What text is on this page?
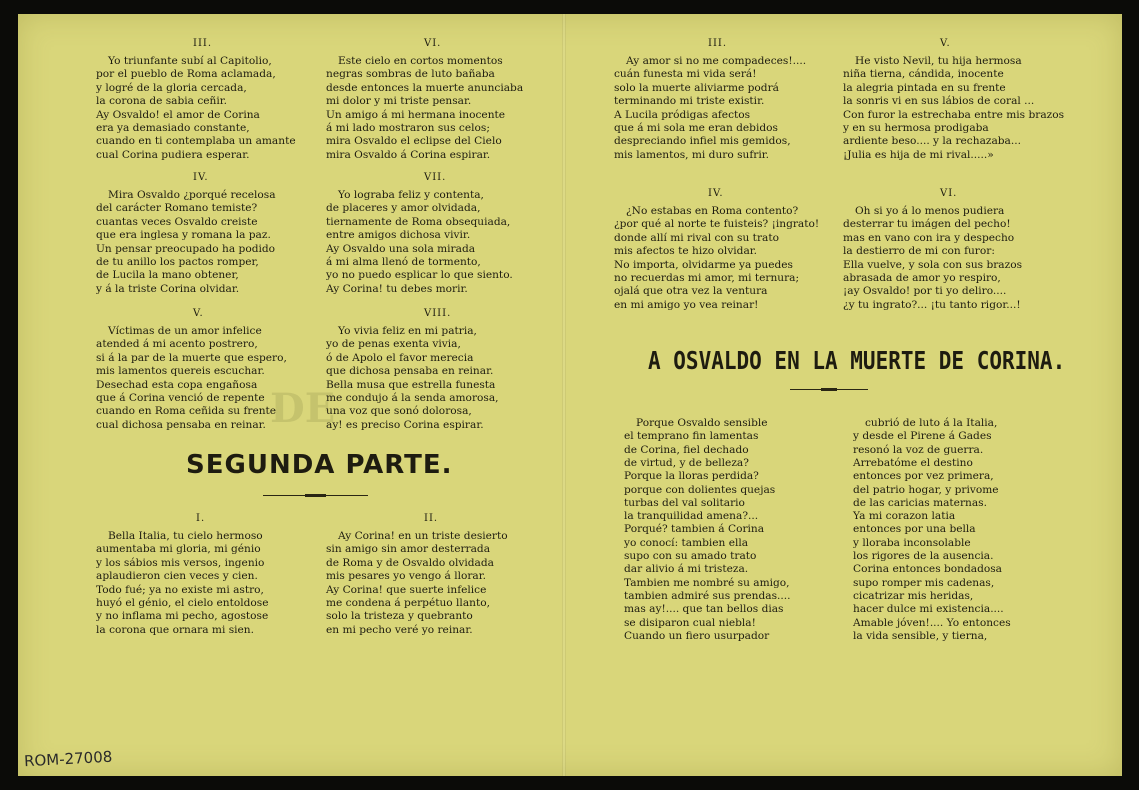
DE
III.
Yo triunfante subí al Capitolio,
por el pueblo de Roma aclamada,
y logré de la gloria cercada,
la corona de sabia ceñir.
Ay Osvaldo! el amor de Corina
era ya demasiado constante,
cuando en ti contemplaba un amante
cual Corina pudiera esperar.
IV.
Mira Osvaldo ¿porqué recelosa
del carácter Romano temiste?
cuantas veces Osvaldo creiste
que era inglesa y romana la paz.
Un pensar preocupado ha podido
de tu anillo los pactos romper,
de Lucila la mano obtener,
y á la triste Corina olvidar.
V.
Víctimas de un amor infelice
atended á mi acento postrero,
si á la par de la muerte que espero,
mis lamentos quereis escuchar.
Desechad esta copa engañosa
que á Corina venció de repente
cuando en Roma ceñida su frente
cual dichosa pensaba en reinar.
VI.
Este cielo en cortos momentos
negras sombras de luto bañaba
desde entonces la muerte anunciaba
mi dolor y mi triste pensar.
Un amigo á mi hermana inocente
á mi lado mostraron sus celos;
mira Osvaldo el eclipse del Cielo
mira Osvaldo á Corina espirar.
VII.
Yo lograba feliz y contenta,
de placeres y amor olvidada,
tiernamente de Roma obsequiada,
entre amigos dichosa vivir.
Ay Osvaldo una sola mirada
á mi alma llenó de tormento,
yo no puedo esplicar lo que siento.
Ay Corina! tu debes morir.
VIII.
Yo vivia feliz en mi patria,
yo de penas exenta vivia,
ó de Apolo el favor merecia
que dichosa pensaba en reinar.
Bella musa que estrella funesta
me condujo á la senda amorosa,
una voz que sonó dolorosa,
ay! es preciso Corina espirar.
SEGUNDA PARTE.
I.
Bella Italia, tu cielo hermoso
aumentaba mi gloria, mi génio
y los sábios mis versos, ingenio
aplaudieron cien veces y cien.
Todo fué; ya no existe mi astro,
huyó el génio, el cielo entoldose
y no inflama mi pecho, agostose
la corona que ornara mi sien.
II.
Ay Corina! en un triste desierto
sin amigo sin amor desterrada
de Roma y de Osvaldo olvidada
mis pesares yo vengo á llorar.
Ay Corina! que suerte infelice
me condena á perpétuo llanto,
solo la tristeza y quebranto
en mi pecho veré yo reinar.
III.
Ay amor si no me compadeces!....
cuán funesta mi vida será!
solo la muerte aliviarme podrá
terminando mi triste existir.
A Lucila pródigas afectos
que á mi sola me eran debidos
despreciando infiel mis gemidos,
mis lamentos, mi duro sufrir.
IV.
¿No estabas en Roma contento?
¿por qué al norte te fuisteis? ¡ingrato!
donde allí mi rival con su trato
mis afectos te hizo olvidar.
No importa, olvidarme ya puedes
no recuerdas mi amor, mi ternura;
ojalá que otra vez la ventura
en mi amigo yo vea reinar!
V.
He visto Nevil, tu hija hermosa
niña tierna, cándida, inocente
la alegria pintada en su frente
la sonris vi en sus lábios de coral ...
Con furor la estrechaba entre mis brazos
y en su hermosa prodigaba
ardiente beso.... y la rechazaba...
¡Julia es hija de mi rival.....»
VI.
Oh si yo á lo menos pudiera
desterrar tu imágen del pecho!
mas en vano con ira y despecho
la destierro de mi con furor:
Ella vuelve, y sola con sus brazos
abrasada de amor yo respiro,
¡ay Osvaldo! por ti yo deliro....
¿y tu ingrato?... ¡tu tanto rigor...!
A OSVALDO EN LA MUERTE DE CORINA.
Porque Osvaldo sensible
el temprano fin lamentas
de Corina, fiel dechado
de virtud, y de belleza?
Porque la lloras perdida?
porque con dolientes quejas
turbas del val solitario
la tranquilidad amena?...
Porqué? tambien á Corina
yo conocí: tambien ella
supo con su amado trato
dar alivio á mi tristeza.
Tambien me nombré su amigo,
tambien admiré sus prendas....
mas ay!.... que tan bellos dias
se disiparon cual niebla!
Cuando un fiero usurpador
cubrió de luto á la Italia,
y desde el Pirene á Gades
resonó la voz de guerra.
Arrebatóme el destino
entonces por vez primera,
del patrio hogar, y privome
de las caricias maternas.
Ya mi corazon latia
entonces por una bella
y lloraba inconsolable
los rigores de la ausencia.
Corina entonces bondadosa
supo romper mis cadenas,
cicatrizar mis heridas,
hacer dulce mi existencia....
Amable jóven!.... Yo entonces
la vida sensible, y tierna,
ROM-27008
